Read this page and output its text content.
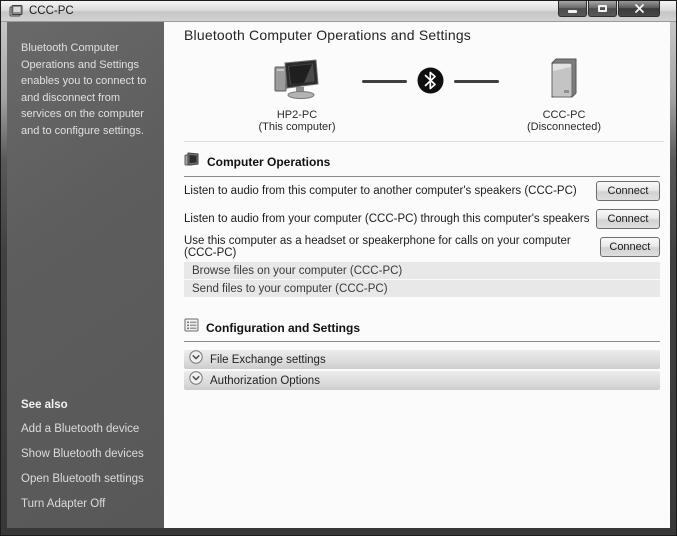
CCC-PC
Bluetooth Computer Operations and Settings enables you to connect to and disconnect from services on the computer and to configure settings.
See also
Add a Bluetooth device
Show Bluetooth devices
Open Bluetooth settings
Turn Adapter Off
Bluetooth Computer Operations and Settings
HP2-PC
(This computer)
CCC-PC
(Disconnected)
Computer Operations
Listen to audio from this computer to another computer's speakers (CCC-PC)	Connect
Listen to audio from your computer (CCC-PC) through this computer's speakers	Connect
Use this computer as a headset or speakerphone for calls on your computer (CCC-PC)	Connect
Browse files on your computer (CCC-PC)
Send files to your computer (CCC-PC)
Configuration and Settings
File Exchange settings
Authorization Options
